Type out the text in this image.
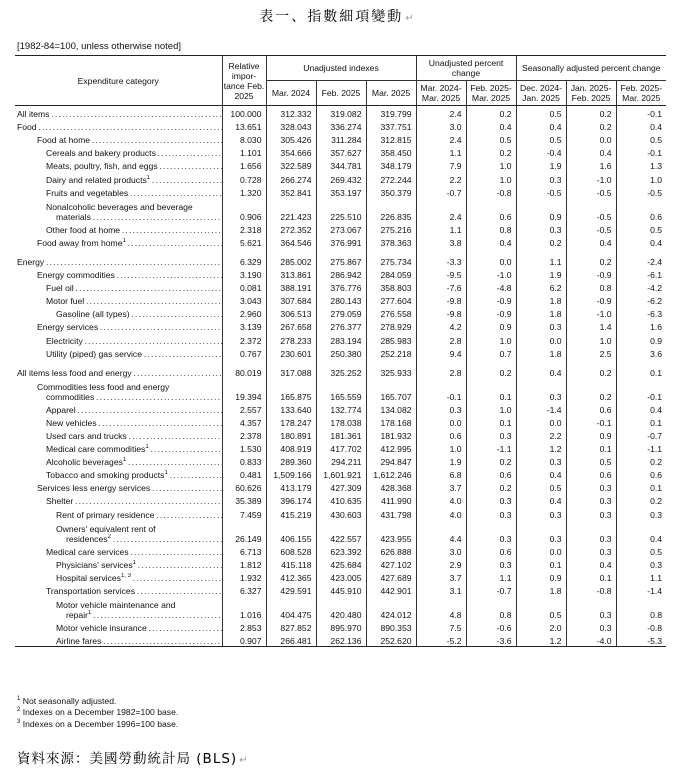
表一、指數細項變動 ↵
[1982-84=100, unless otherwise noted]
Expenditure category	Relative impor- tance Feb. 2025	Unadjusted indexes			Unadjusted percent change		Seasonally adjusted percent change		
		Mar. 2024	Feb. 2025	Mar. 2025	Mar. 2024- Mar. 2025	Feb. 2025- Mar. 2025	Dec. 2024- Jan. 2025	Jan. 2025- Feb. 2025	Feb. 2025- Mar. 2025

All items . . .	100.000	312.332	319.082	319.799	2.4	0.2	0.5	0.2	-0.1

Food . . .	13.651	328.043	336.274	337.751	3.0	0.4	0.4	0.2	0.4

Food at home . . .	8.030	305.426	311.284	312.815	2.4	0.5	0.5	0.0	0.5

Cereals and bakery products . . .	1.101	354.666	357.627	358.450	1.1	0.2	-0.4	0.4	-0.1

Meats, poultry, fish, and eggs . . .	1.656	322.589	344.781	348.179	7.9	1.0	1.9	1.6	1.3

Dairy and related products$^1$ . . .	0.728	266.274	269.432	272.244	2.2	1.0	0.3	-1.0	1.0

Fruits and vegetables . . .	1.320	352.841	353.197	350.379	-0.7	-0.8	-0.5	-0.5	-0.5

Nonalcoholic beverages and beverage
materials . . .	0.906	221.423	225.510	226.835	2.4	0.6	0.9	-0.5	0.6

Other food at home . . .	2.318	272.352	273.067	275.216	1.1	0.8	0.3	-0.5	0.5

Food away from home$^1$ . . .	5.621	364.546	376.991	378.363	3.8	0.4	0.2	0.4	0.4

Energy . . .	6.329	285.002	275.867	275.734	-3.3	0.0	1.1	0.2	-2.4

Energy commodities . . .	3.190	313.861	286.942	284.059	-9.5	-1.0	1.9	-0.9	-6.1

Fuel oil . . .	0.081	388.191	376.776	358.803	-7.6	-4.8	6.2	0.8	-4.2

Motor fuel . . .	3.043	307.684	280.143	277.604	-9.8	-0.9	1.8	-0.9	-6.2

Gasoline (all types) . . .	2.960	306.513	279.059	276.558	-9.8	-0.9	1.8	-1.0	-6.3

Energy services . . .	3.139	267.658	276.377	278.929	4.2	0.9	0.3	1.4	1.6

Electricity . . .	2.372	278.233	283.194	285.983	2.8	1.0	0.0	1.0	0.9

Utility (piped) gas service . . .	0.767	230.601	250.380	252.218	9.4	0.7	1.8	2.5	3.6

All items less food and energy . . .	80.019	317.088	325.252	325.933	2.8	0.2	0.4	0.2	0.1

Commodities less food and energy
commodities . . .	19.394	165.875	165.559	165.707	-0.1	0.1	0.3	0.2	-0.1

Apparel . . .	2.557	133.640	132.774	134.082	0.3	1.0	-1.4	0.6	0.4

New vehicles . . .	4.357	178.247	178.038	178.168	0.0	0.1	0.0	-0.1	0.1

Used cars and trucks . . .	2.378	180.891	181.361	181.932	0.6	0.3	2.2	0.9	-0.7

Medical care commodities$^1$ . . .	1.530	408.919	417.702	412.995	1.0	-1.1	1.2	0.1	-1.1

Alcoholic beverages$^1$ . . .	0.833	289.360	294.211	294.847	1.9	0.2	0.3	0.5	0.2

Tobacco and smoking products$^1$ . . .	0.481	1,509.166	1,601.921	1,612.246	6.8	0.6	0.4	0.6	0.6

Services less energy services . . .	60.626	413.179	427.309	428.368	3.7	0.2	0.5	0.3	0.1

Shelter . . .	35.389	396.174	410.635	411.990	4.0	0.3	0.4	0.3	0.2

Rent of primary residence . . .	7.459	415.219	430.603	431.798	4.0	0.3	0.3	0.3	0.3

Owners' equivalent rent of
residences$^2$ . . .	26.149	406.155	422.557	423.955	4.4	0.3	0.3	0.3	0.4

Medical care services . . .	6.713	608.528	623.392	626.888	3.0	0.6	0.0	0.3	0.5

Physicians' services$^1$ . . .	1.812	415.118	425.684	427.102	2.9	0.3	0.1	0.4	0.3

Hospital services$^{1, 3}$ . . .	1.932	412.365	423.005	427.689	3.7	1.1	0.9	0.1	1.1

Transportation services . . .	6.327	429.591	445.910	442.901	3.1	-0.7	1.8	-0.8	-1.4

Motor vehicle maintenance and
repair$^1$ . . .	1.016	404.475	420.480	424.012	4.8	0.8	0.5	0.3	0.8

Motor vehicle insurance . . .	2.853	827.852	895.970	890.353	7.5	-0.6	2.0	0.3	-0.8

Airline fares . . .	0.907	266.481	262.136	252.620	-5.2	-3.6	1.2	-4.0	-5.3
$^1$ Not seasonally adjusted.
$^2$ Indexes on a December 1982=100 base.
$^3$ Indexes on a December 1996=100 base.
資料來源：美國勞動統計局 (BLS) ↵
